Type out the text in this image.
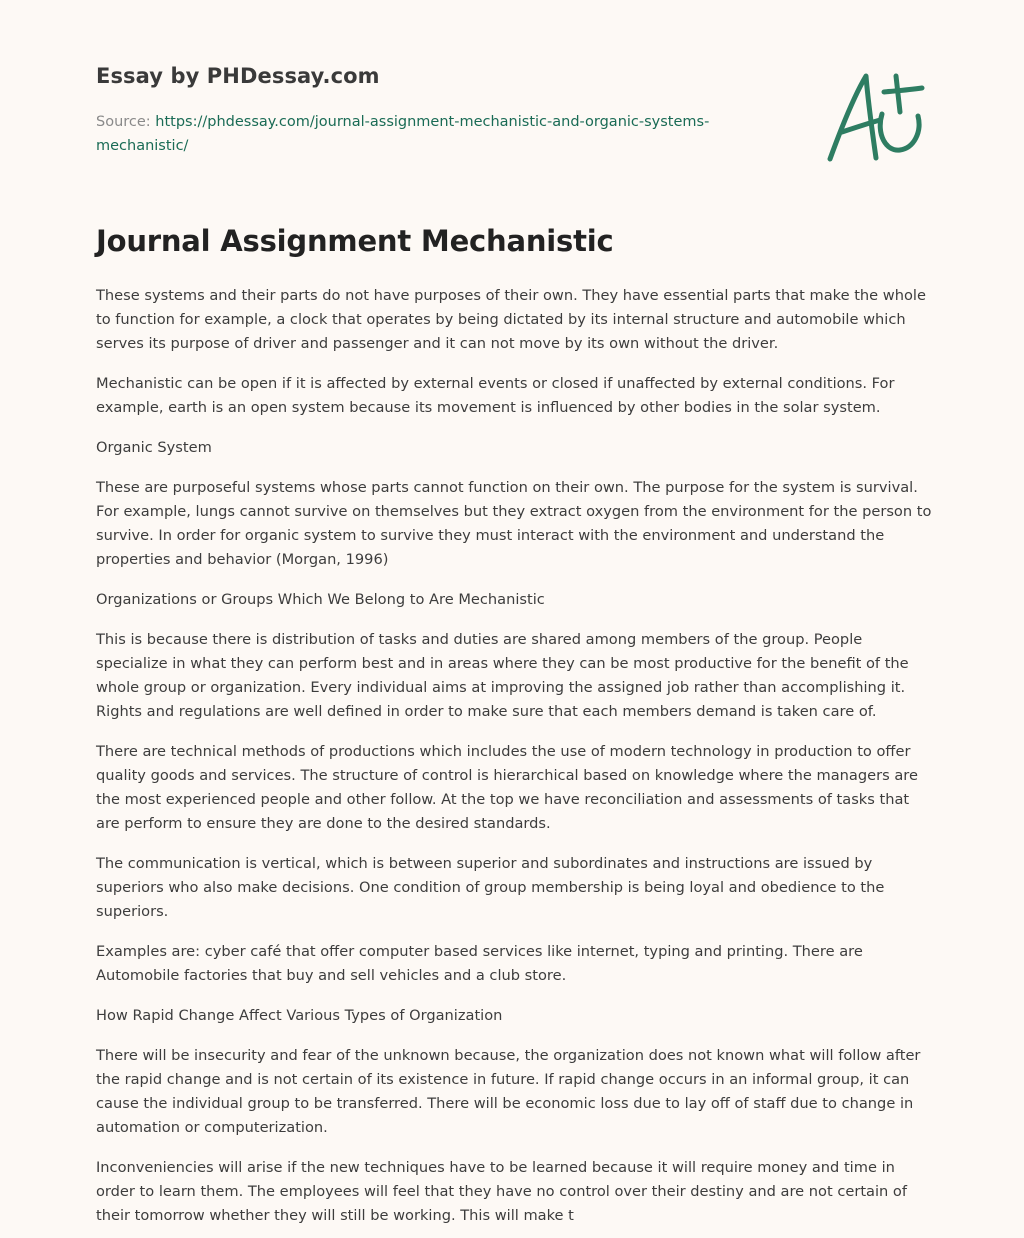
Essay by PHDessay.com
Source: https://phdessay.com/journal-assignment-mechanistic-and-organic-systems-mechanistic/
Journal Assignment Mechanistic

These systems and their parts do not have purposes of their own. They have essential parts that make the whole to function for example, a clock that operates by being dictated by its internal structure and automobile which serves its purpose of driver and passenger and it can not move by its own without the driver.

Mechanistic can be open if it is affected by external events or closed if unaffected by external conditions. For example, earth is an open system because its movement is influenced by other bodies in the solar system.

Organic System

These are purposeful systems whose parts cannot function on their own. The purpose for the system is survival. For example, lungs cannot survive on themselves but they extract oxygen from the environment for the person to survive. In order for organic system to survive they must interact with the environment and understand the properties and behavior (Morgan, 1996)

Organizations or Groups Which We Belong to Are Mechanistic

This is because there is distribution of tasks and duties are shared among members of the group. People specialize in what they can perform best and in areas where they can be most productive for the benefit of the whole group or organization. Every individual aims at improving the assigned job rather than accomplishing it. Rights and regulations are well defined in order to make sure that each members demand is taken care of.

There are technical methods of productions which includes the use of modern technology in production to offer quality goods and services. The structure of control is hierarchical based on knowledge where the managers are the most experienced people and other follow. At the top we have reconciliation and assessments of tasks that are perform to ensure they are done to the desired standards.

The communication is vertical, which is between superior and subordinates and instructions are issued by superiors who also make decisions. One condition of group membership is being loyal and obedience to the superiors.

Examples are: cyber café that offer computer based services like internet, typing and printing. There are Automobile factories that buy and sell vehicles and a club store.

How Rapid Change Affect Various Types of Organization

There will be insecurity and fear of the unknown because, the organization does not known what will follow after the rapid change and is not certain of its existence in future. If rapid change occurs in an informal group, it can cause the individual group to be transferred. There will be economic loss due to lay off of staff due to change in automation or computerization.

Inconveniencies will arise if the new techniques have to be learned because it will require money and time in order to learn them. The employees will feel that they have no control over their destiny and are not certain of their tomorrow whether they will still be working. This will make t
